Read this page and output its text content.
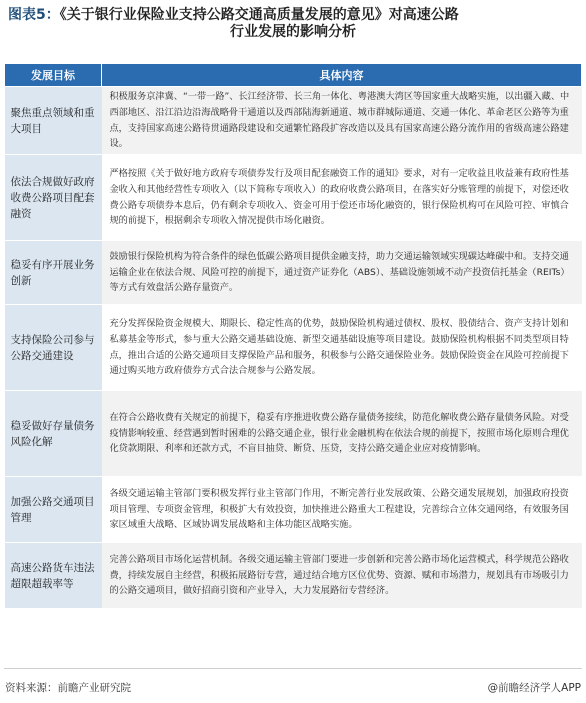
图表5：《关于银行业保险业支持公路交通高质量发展的意见》对高速公路
行业发展的影响分析
发展目标	具体内容
聚焦重点领域和重大项目	积极服务京津冀、“一带一路”、长江经济带、长三角一体化、粤港澳大湾区等国家重大战略实施，以出疆入藏、中西部地区、沿江沿边沿海战略骨干通道以及西部陆海新通道、城市群城际通道、交通一体化、革命老区公路等为重点，支持国家高速公路待贯通路段建设和交通繁忙路段扩容改造以及具有国家高速公路分流作用的省级高速公路建设。
依法合规做好政府收费公路项目配套融资	严格按照《关于做好地方政府专项债券发行及项目配套融资工作的通知》要求，对有一定收益且收益兼有政府性基金收入和其他经营性专项收入（以下简称专项收入）的政府收费公路项目，在落实好分账管理的前提下，对偿还收费公路专项债券本息后，仍有剩余专项收入、资金可用于偿还市场化融资的，银行保险机构可在风险可控、审慎合规的前提下，根据剩余专项收入情况提供市场化融资。
稳妥有序开展业务创新	鼓励银行保险机构为符合条件的绿色低碳公路项目提供金融支持，助力交通运输领域实现碳达峰碳中和。支持交通运输企业在依法合规、风险可控的前提下，通过资产证券化（ABS）、基础设施领域不动产投资信托基金（REITs）等方式有效盘活公路存量资产。
支持保险公司参与公路交通建设	充分发挥保险资金规模大、期限长、稳定性高的优势，鼓励保险机构通过债权、股权、股债结合、资产支持计划和私募基金等形式，参与重大公路交通基础设施、新型交通基础设施等项目建设。鼓励保险机构根据不同类型项目特点，推出合适的公路交通项目支撑保险产品和服务，积极参与公路交通保险业务。鼓励保险资金在风险可控前提下通过购买地方政府债券方式合法合规参与公路发展。
稳妥做好存量债务风险化解	在符合公路收费有关规定的前提下，稳妥有序推进收费公路存量债务接续，防范化解收费公路存量债务风险。对受疫情影响较重、经营遇到暂时困难的公路交通企业，银行业金融机构在依法合规的前提下，按照市场化原则合理优化贷款期限、利率和还款方式，不盲目抽贷、断贷、压贷，支持公路交通企业应对疫情影响。
加强公路交通项目管理	各级交通运输主管部门要积极发挥行业主管部门作用，不断完善行业发展政策、公路交通发展规划，加强政府投资项目管理、专项资金管理，积极扩大有效投资，加快推进公路重大工程建设，完善综合立体交通网络，有效服务国家区域重大战略、区域协调发展战略和主体功能区战略实施。
高速公路货车违法超限超载率等	完善公路项目市场化运营机制。各级交通运输主管部门要进一步创新和完善公路市场化运营模式，科学规范公路收费，持续发展自主经营，积极拓展路衍专营，通过结合地方区位优势、资源、赋和市场潜力，规划具有市场吸引力的公路交通项目，做好招商引资和产业导入，大力发展路衍专营经济。
资料来源：前瞻产业研究院	@前瞻经济学人APP
